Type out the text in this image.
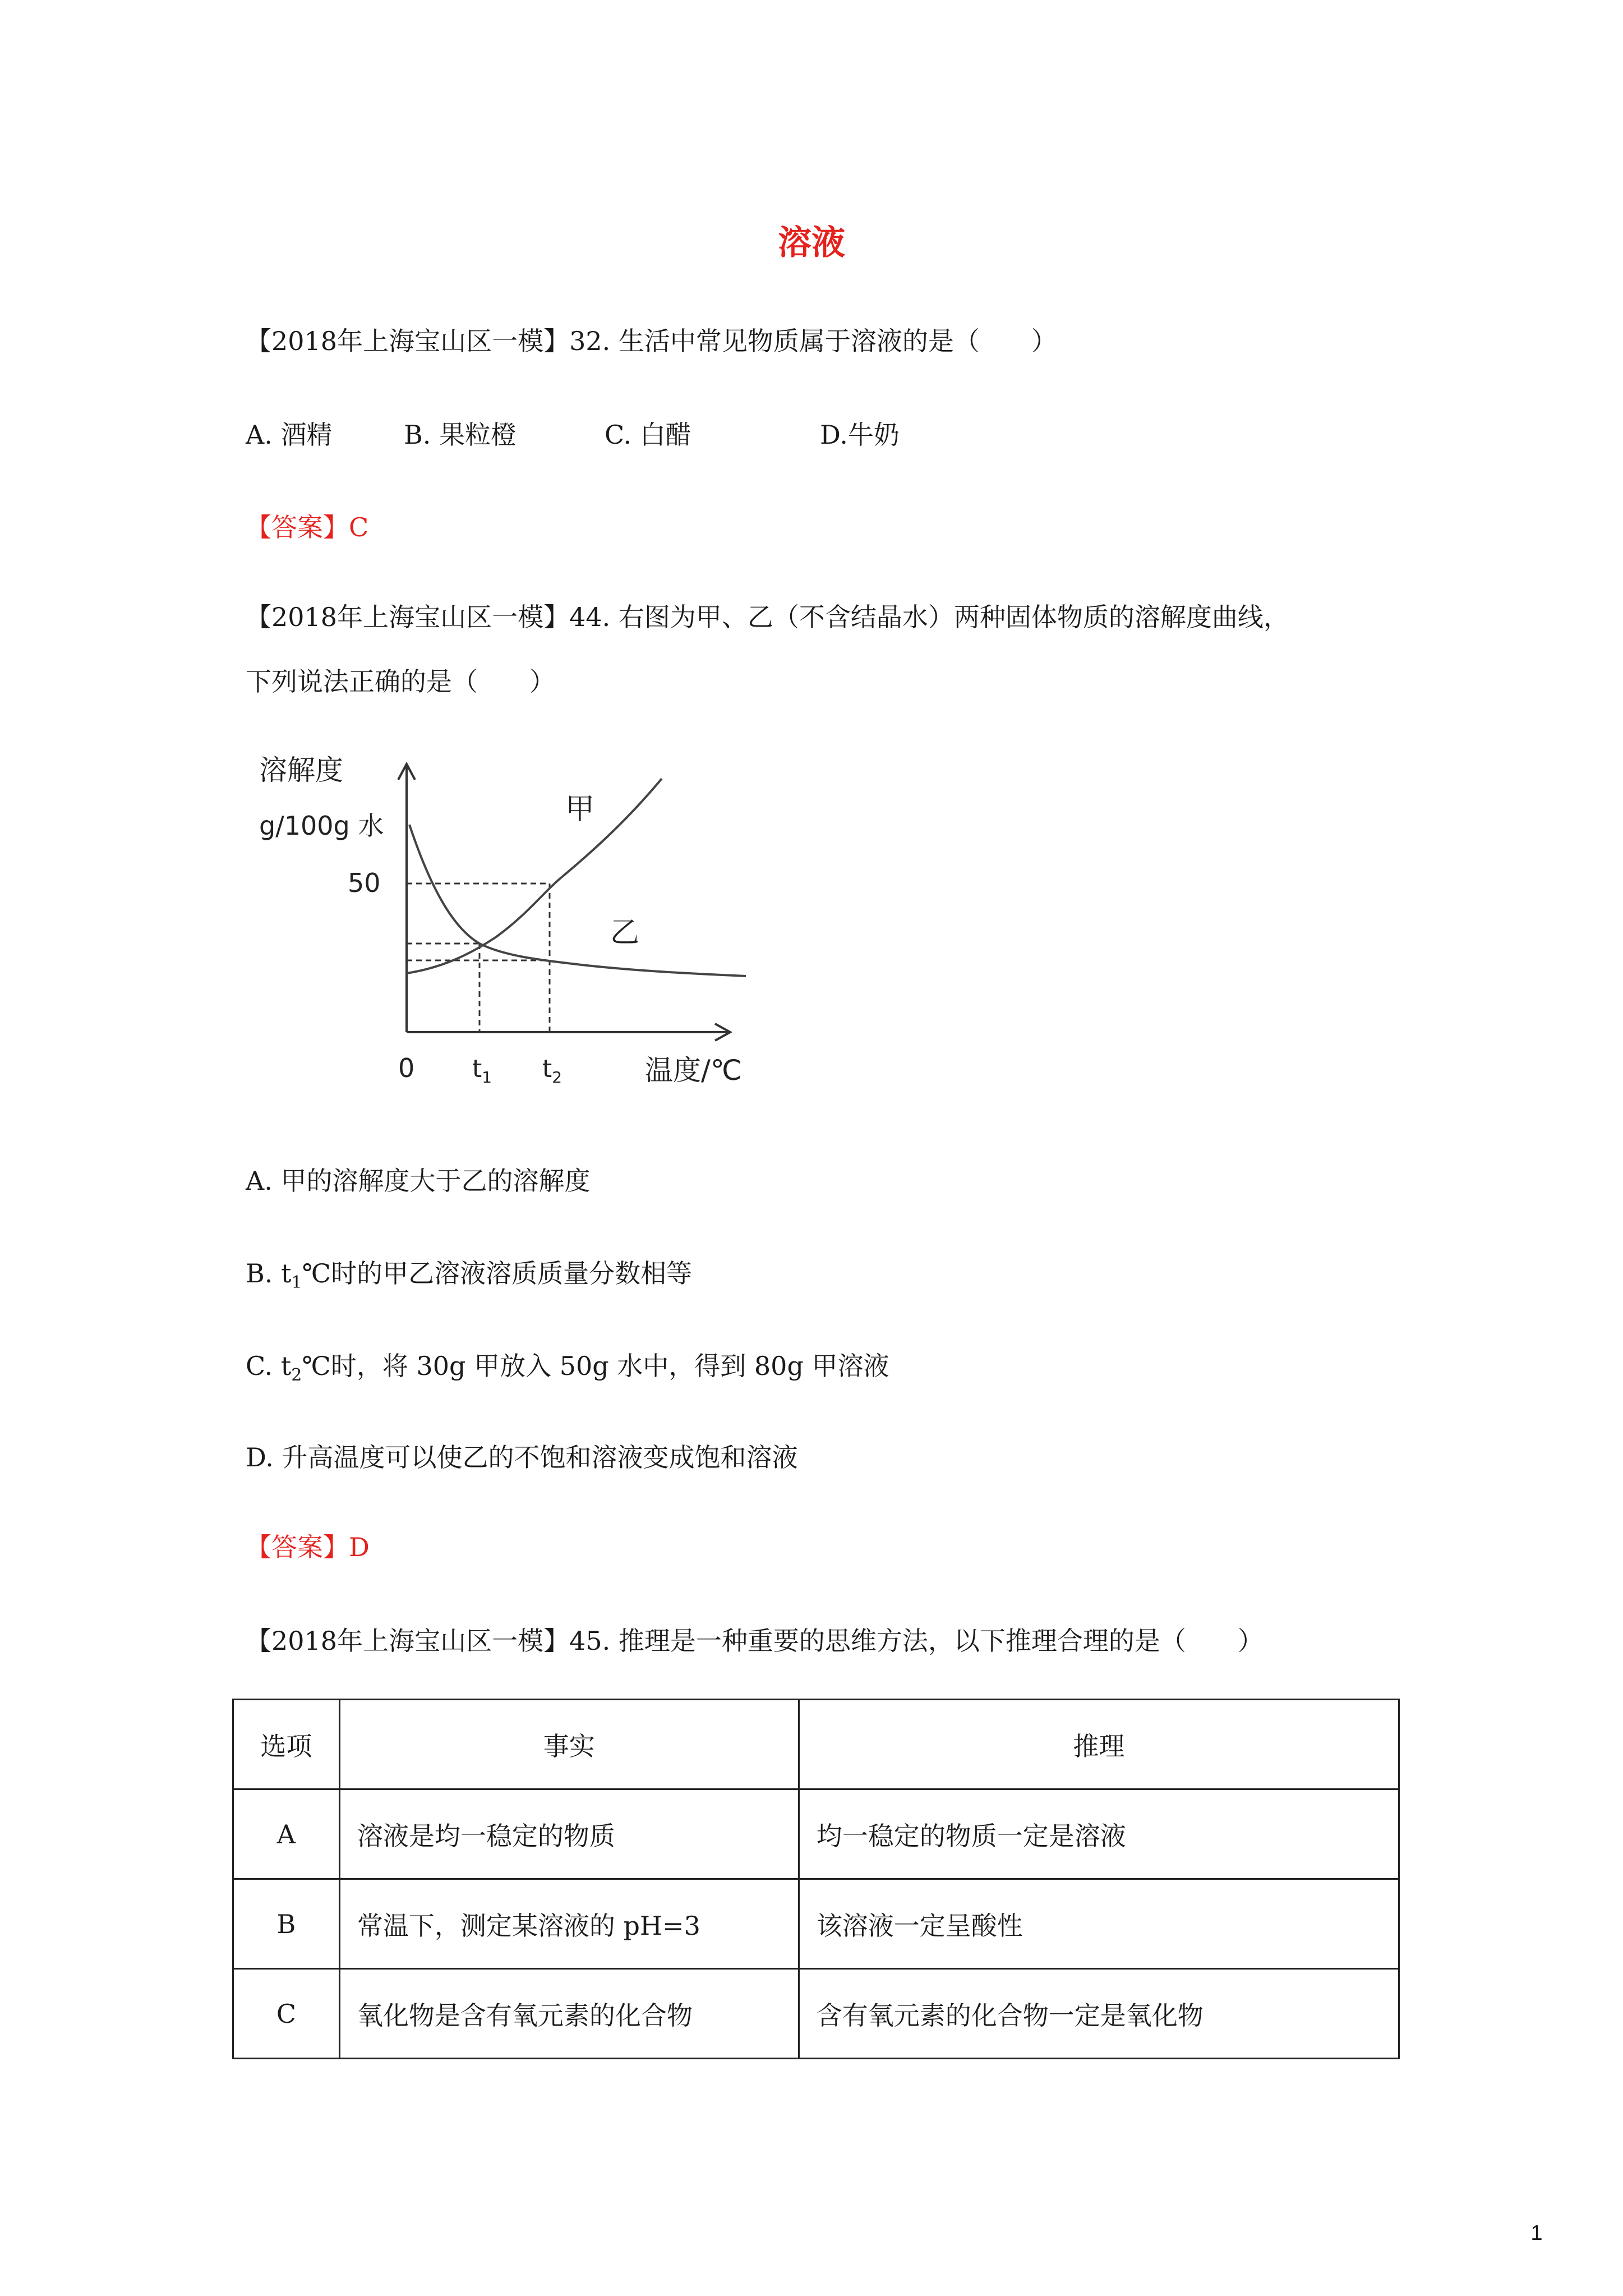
溶液
【2018年上海宝山区一模】32. 生活中常见物质属于溶液的是（　　）
A. 酒精	B. 果粒橙	C. 白醋	D.牛奶
【答案】C
【2018年上海宝山区一模】44. 右图为甲、乙（不含结晶水）两种固体物质的溶解度曲线，
下列说法正确的是（　　）
溶解度
g/100g 水
50
0 $t_1$ $t_2$	温度/℃
甲
乙
A. 甲的溶解度大于乙的溶解度
B. $t_1℃$时的甲乙溶液溶质质量分数相等
C. $t_2℃$时，将 30g 甲放入 50g 水中，得到 80g 甲溶液
D. 升高温度可以使乙的不饱和溶液变成饱和溶液
【答案】D
【2018年上海宝山区一模】45. 推理是一种重要的思维方法，以下推理合理的是（　　）
选项	事实	推理
A	溶液是均一稳定的物质	均一稳定的物质一定是溶液
B	常温下，测定某溶液的 pH=3	该溶液一定呈酸性
C	氧化物是含有氧元素的化合物	含有氧元素的化合物一定是氧化物
1
